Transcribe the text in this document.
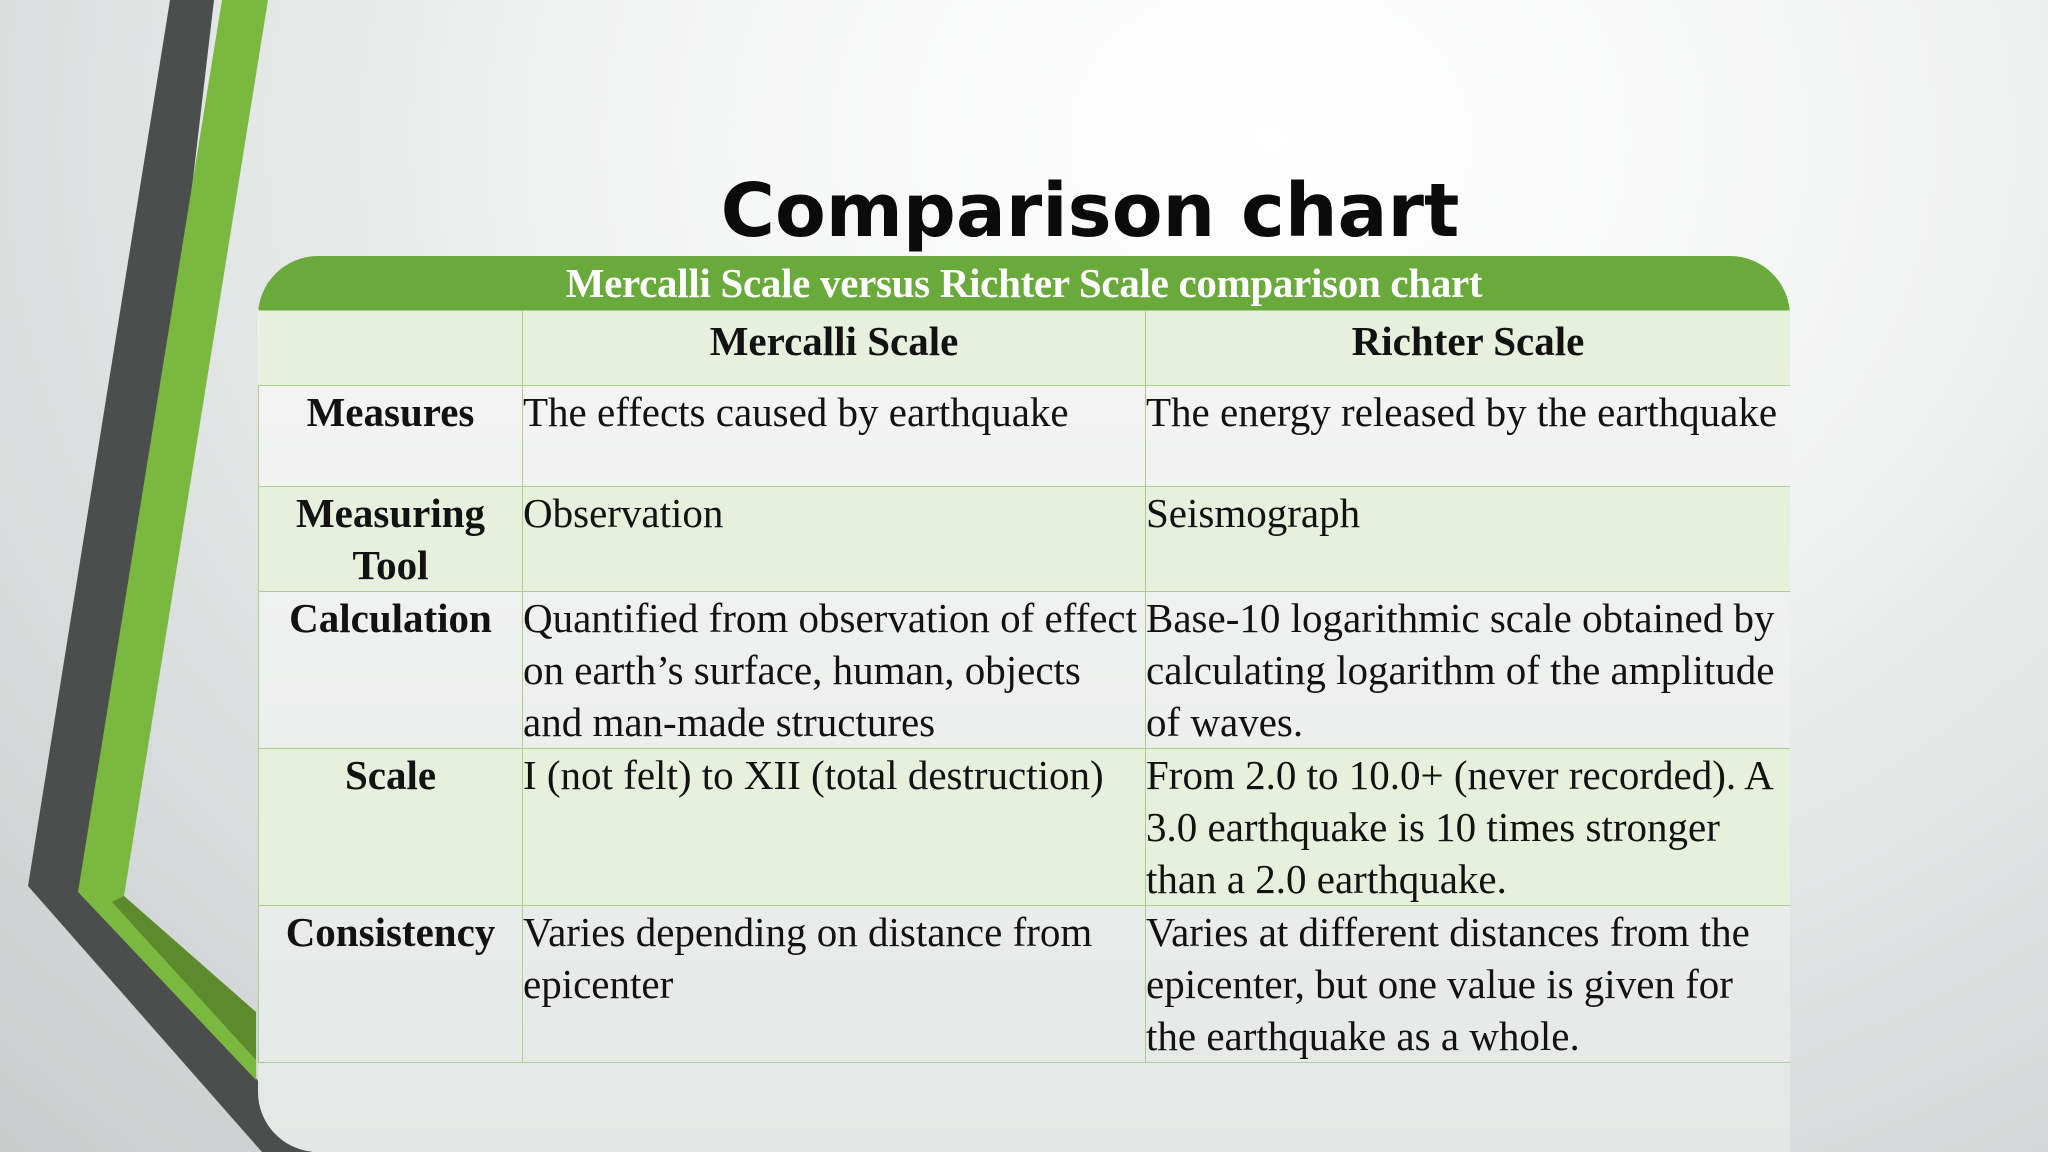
Comparison chart
Mercalli Scale versus Richter Scale comparison chart
	Mercalli Scale	Richter Scale
Measures	The effects caused by earthquake	The energy released by the earthquake
Measuring Tool	Observation	Seismograph
Calculation	Quantified from observation of effect on earth’s surface, human, objects and man-made structures	Base-10 logarithmic scale obtained by calculating logarithm of the amplitude of waves.
Scale	I (not felt) to XII (total destruction)	From 2.0 to 10.0+ (never recorded). A 3.0 earthquake is 10 times stronger than a 2.0 earthquake.
Consistency	Varies depending on distance from epicenter	Varies at different distances from the epicenter, but one value is given for the earthquake as a whole.
